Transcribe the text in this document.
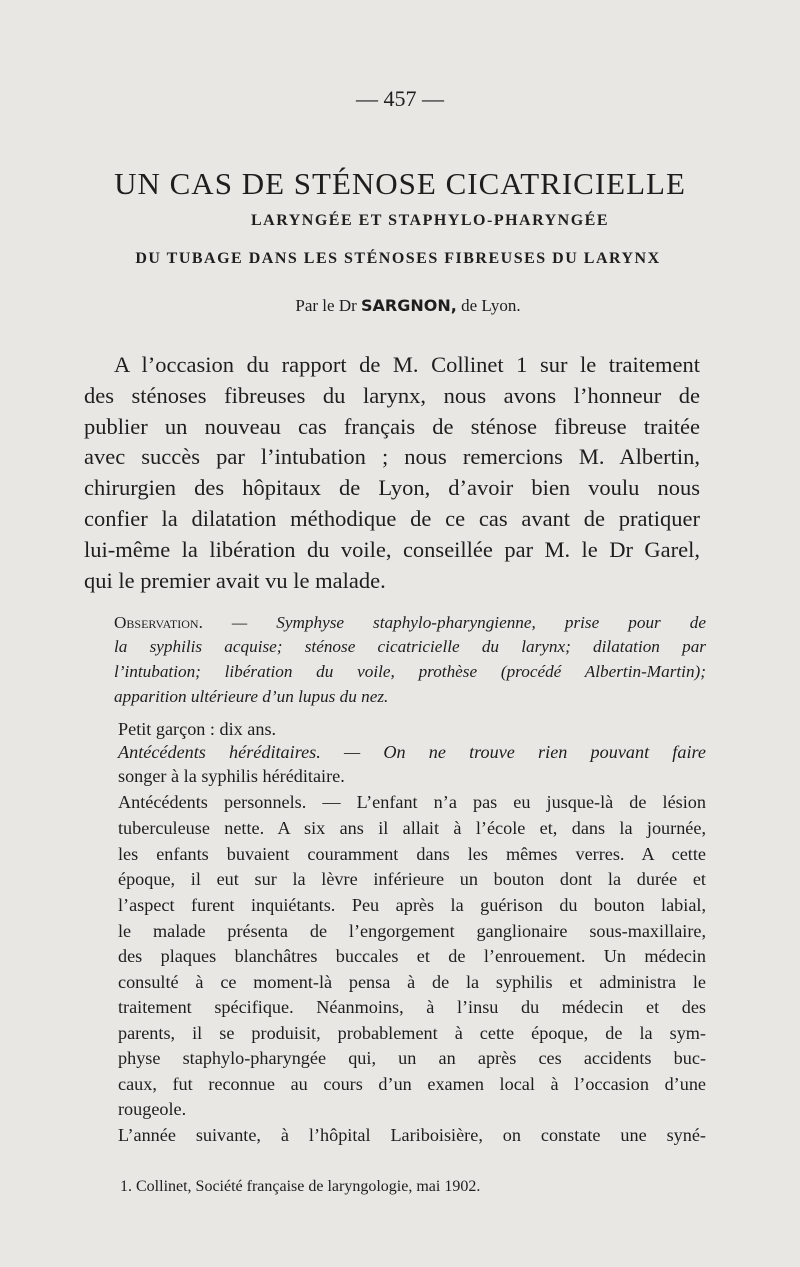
— 457 —
UN CAS DE STÉNOSE CICATRICIELLE
LARYNGÉE ET STAPHYLO-PHARYNGÉE
DU TUBAGE DANS LES STÉNOSES FIBREUSES DU LARYNX
Par le Dr SARGNON, de Lyon.
A l’occasion du rapport de M. Collinet 1 sur le traitement
des sténoses fibreuses du larynx, nous avons l’honneur de
publier un nouveau cas français de sténose fibreuse traitée
avec succès par l’intubation ; nous remercions M. Albertin,
chirurgien des hôpitaux de Lyon, d’avoir bien voulu nous
confier la dilatation méthodique de ce cas avant de pratiquer
lui-même la libération du voile, conseillée par M. le Dr Garel,
qui le premier avait vu le malade.
Observation. — Symphyse staphylo-pharyngienne, prise pour de
la syphilis acquise; sténose cicatricielle du larynx; dilatation par
l’intubation; libération du voile, prothèse (procédé Albertin-Martin);
apparition ultérieure d’un lupus du nez.
Petit garçon : dix ans.
Antécédents héréditaires. — On ne trouve rien pouvant faire
songer à la syphilis héréditaire.
Antécédents personnels. — L’enfant n’a pas eu jusque-là de lésion
tuberculeuse nette. A six ans il allait à l’école et, dans la journée,
les enfants buvaient couramment dans les mêmes verres. A cette
époque, il eut sur la lèvre inférieure un bouton dont la durée et
l’aspect furent inquiétants. Peu après la guérison du bouton labial,
le malade présenta de l’engorgement ganglionaire sous-maxillaire,
des plaques blanchâtres buccales et de l’enrouement. Un médecin
consulté à ce moment-là pensa à de la syphilis et administra le
traitement spécifique. Néanmoins, à l’insu du médecin et des
parents, il se produisit, probablement à cette époque, de la sym-
physe staphylo-pharyngée qui, un an après ces accidents buc-
caux, fut reconnue au cours d’un examen local à l’occasion d’une
rougeole.
L’année suivante, à l’hôpital Lariboisière, on constate une syné-
1. Collinet, Société française de laryngologie, mai 1902.
